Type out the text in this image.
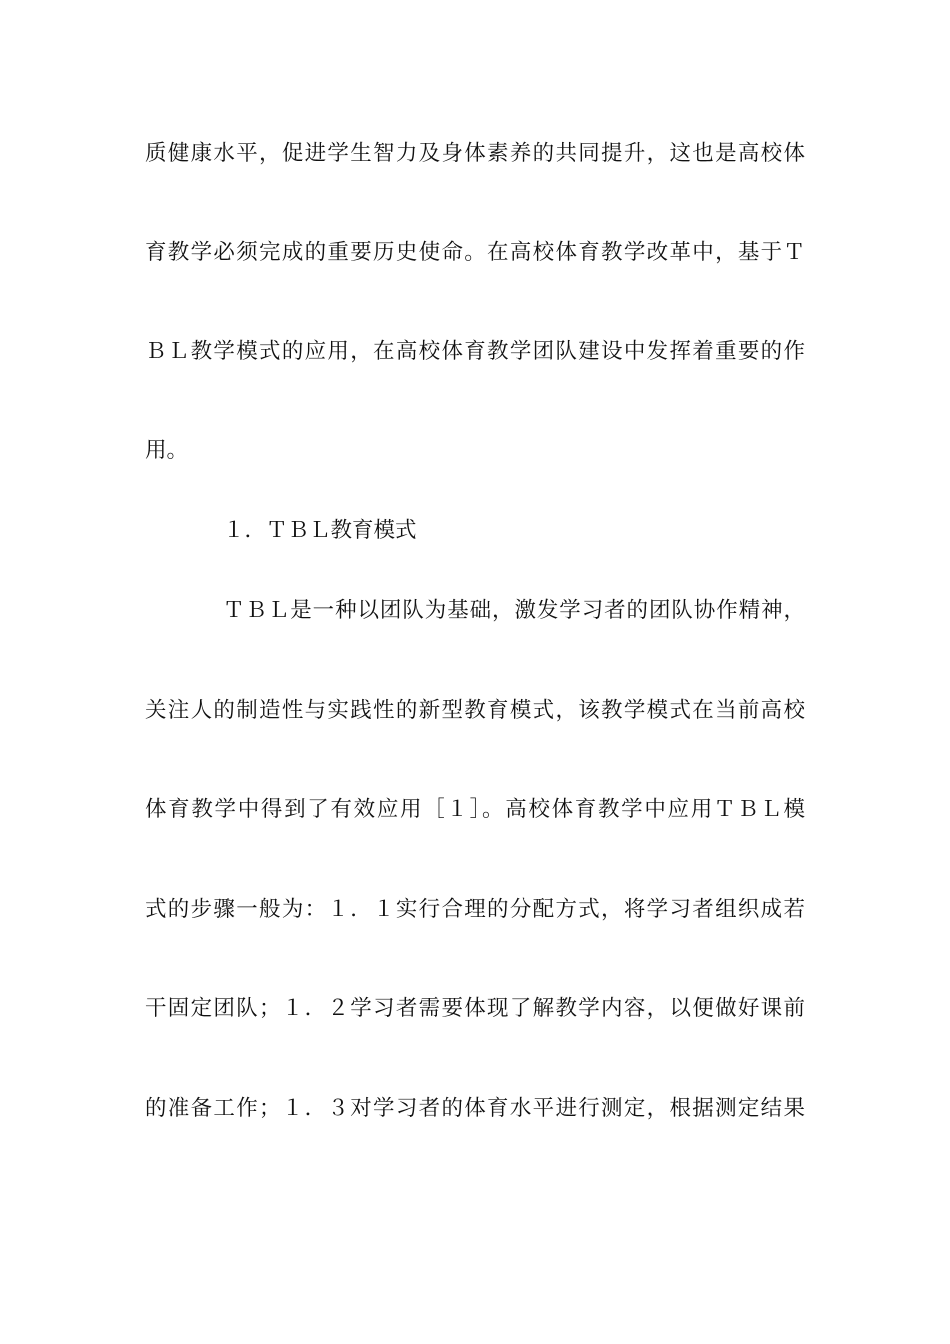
质健康水平，促进学生智力及身体素养的共同提升，这也是高校体
育教学必须完成的重要历史使命。在高校体育教学改革中，基于Ｔ
ＢＬ教学模式的应用，在高校体育教学团队建设中发挥着重要的作
用。
１．ＴＢＬ教育模式
ＴＢＬ是一种以团队为基础，激发学习者的团队协作精神，
关注人的制造性与实践性的新型教育模式，该教学模式在当前高校
体育教学中得到了有效应用［１］。高校体育教学中应用ＴＢＬ模
式的步骤一般为：１．１实行合理的分配方式，将学习者组织成若
干固定团队；１．２学习者需要体现了解教学内容，以便做好课前
的准备工作；１．３对学习者的体育水平进行测定，根据测定结果
